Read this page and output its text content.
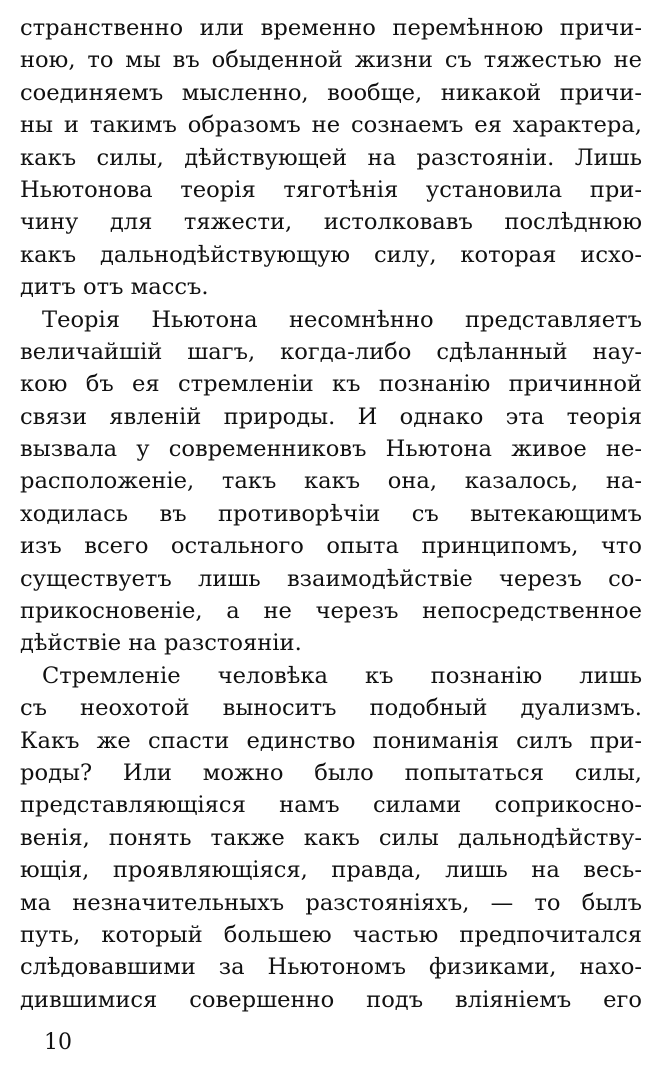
странственно или временно перемѣнною причи-
ною, то мы въ обыденной жизни съ тяжестью не
соединяемъ мысленно, вообще, никакой причи-
ны и такимъ образомъ не сознаемъ ея характера,
какъ силы, дѣйствующей на разстояніи. Лишь
Ньютонова теорія тяготѣнія установила при-
чину для тяжести, истолковавъ послѣднюю
какъ дальнодѣйствующую силу, которая исхо-
дитъ отъ массъ.
Теорія Ньютона несомнѣнно представляетъ
величайшій шагъ, когда-либо сдѣланный нау-
кою бъ ея стремленіи къ познанію причинной
связи явленій природы. И однако эта теорія
вызвала у современниковъ Ньютона живое не-
расположеніе, такъ какъ она, казалось, на-
ходилась въ противорѣчіи съ вытекающимъ
изъ всего остального опыта принципомъ, что
существуетъ лишь взаимодѣйствіе черезъ со-
прикосновеніе, а не черезъ непосредственное
дѣйствіе на разстояніи.
Стремленіе человѣка къ познанію лишь
съ неохотой выноситъ подобный дуализмъ.
Какъ же спасти единство пониманія силъ при-
роды? Или можно было попытаться силы,
представляющіяся намъ силами соприкосно-
венія, понять также какъ силы дальнодѣйству-
ющія, проявляющіяся, правда, лишь на весь-
ма незначительныхъ разстояніяхъ, — то былъ
путь, который большею частью предпочитался
слѣдовавшими за Ньютономъ физиками, нахо-
дившимися совершенно подъ вліяніемъ его
10
